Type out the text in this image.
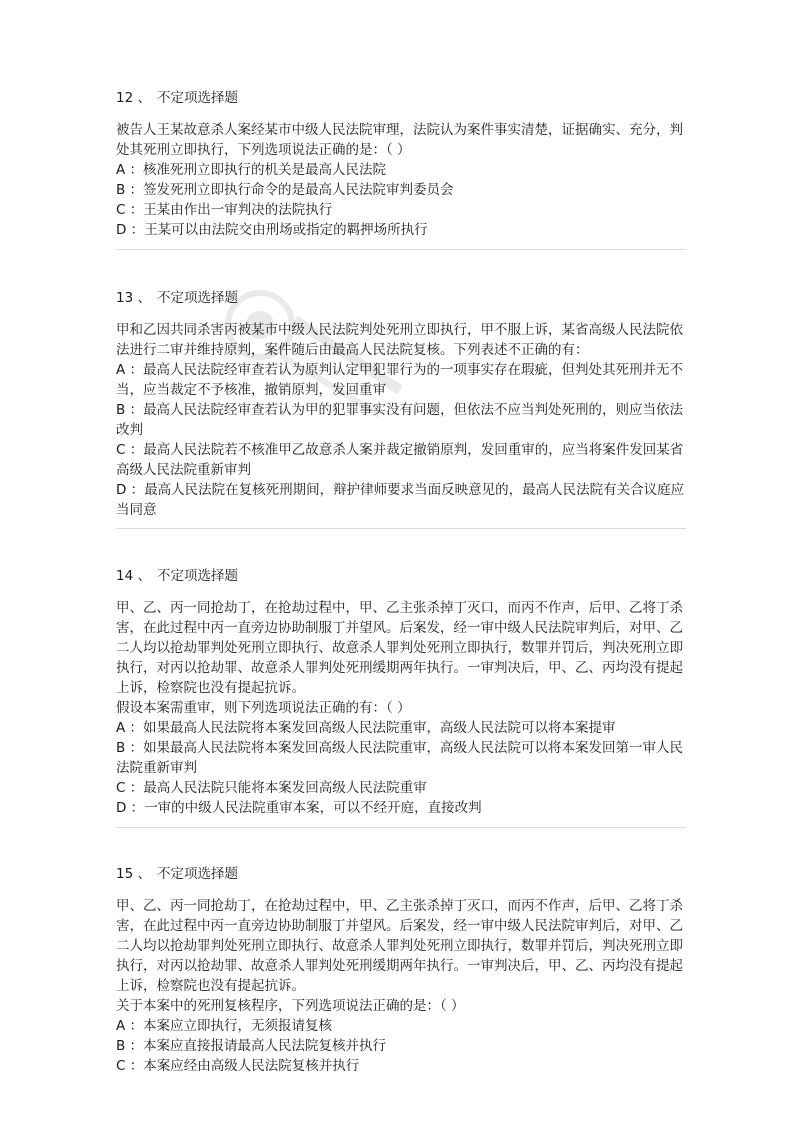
12 、 不定项选择题

被告人王某故意杀人案经某市中级人民法院审理，法院认为案件事实清楚，证据确实、充分，判处其死刑立即执行，下列选项说法正确的是：（ ）

A ：核准死刑立即执行的机关是最高人民法院

B ：签发死刑立即执行命令的是最高人民法院审判委员会

C ：王某由作出一审判决的法院执行

D ：王某可以由法院交由刑场或指定的羁押场所执行

13 、 不定项选择题

甲和乙因共同杀害丙被某市中级人民法院判处死刑立即执行，甲不服上诉，某省高级人民法院依法进行二审并维持原判，案件随后由最高人民法院复核。下列表述不正确的有：

A ：最高人民法院经审查若认为原判认定甲犯罪行为的一项事实存在瑕疵，但判处其死刑并无不当，应当裁定不予核准，撤销原判，发回重审

B ：最高人民法院经审查若认为甲的犯罪事实没有问题，但依法不应当判处死刑的，则应当依法改判

C ：最高人民法院若不核准甲乙故意杀人案并裁定撤销原判，发回重审的，应当将案件发回某省高级人民法院重新审判

D ：最高人民法院在复核死刑期间，辩护律师要求当面反映意见的，最高人民法院有关合议庭应当同意

14 、 不定项选择题

甲、乙、丙一同抢劫丁，在抢劫过程中，甲、乙主张杀掉丁灭口，而丙不作声，后甲、乙将丁杀害，在此过程中丙一直旁边协助制服丁并望风。后案发，经一审中级人民法院审判后，对甲、乙二人均以抢劫罪判处死刑立即执行、故意杀人罪判处死刑立即执行，数罪并罚后，判决死刑立即执行，对丙以抢劫罪、故意杀人罪判处死刑缓期两年执行。一审判决后，甲、乙、丙均没有提起上诉，检察院也没有提起抗诉。

假设本案需重审，则下列选项说法正确的有：（ ）

A ：如果最高人民法院将本案发回高级人民法院重审，高级人民法院可以将本案提审

B ：如果最高人民法院将本案发回高级人民法院重审，高级人民法院可以将本案发回第一审人民法院重新审判

C ：最高人民法院只能将本案发回高级人民法院重审

D ：一审的中级人民法院重审本案，可以不经开庭，直接改判

15 、 不定项选择题

甲、乙、丙一同抢劫丁，在抢劫过程中，甲、乙主张杀掉丁灭口，而丙不作声，后甲、乙将丁杀害，在此过程中丙一直旁边协助制服丁并望风。后案发，经一审中级人民法院审判后，对甲、乙二人均以抢劫罪判处死刑立即执行、故意杀人罪判处死刑立即执行，数罪并罚后，判决死刑立即执行，对丙以抢劫罪、故意杀人罪判处死刑缓期两年执行。一审判决后，甲、乙、丙均没有提起上诉，检察院也没有提起抗诉。

关于本案中的死刑复核程序，下列选项说法正确的是：（ ）

A ：本案应立即执行，无须报请复核

B ：本案应直接报请最高人民法院复核并执行

C ：本案应经由高级人民法院复核并执行
